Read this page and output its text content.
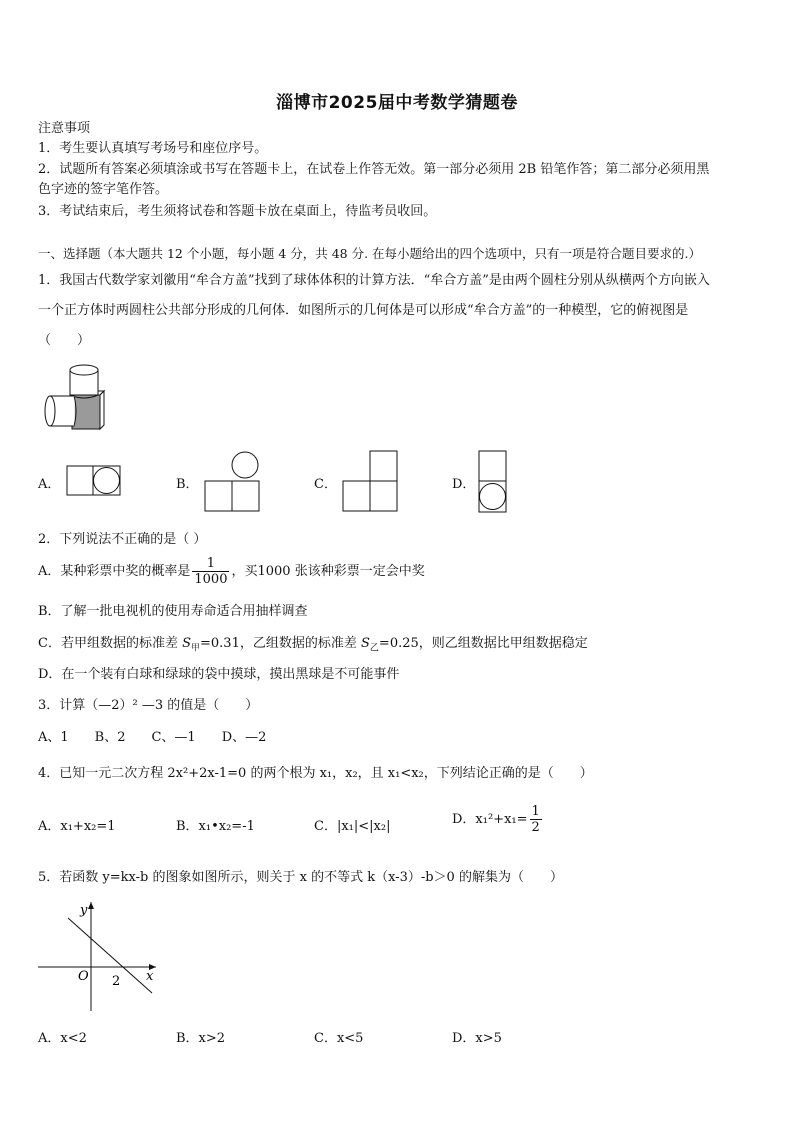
淄博市2025届中考数学猜题卷
注意事项
1．考生要认真填写考场号和座位序号。
2．试题所有答案必须填涂或书写在答题卡上，在试卷上作答无效。第一部分必须用 2B 铅笔作答；第二部分必须用黑
色字迹的签字笔作答。
3．考试结束后，考生须将试卷和答题卡放在桌面上，待监考员收回。
一、选择题（本大题共 12 个小题，每小题 4 分，共 48 分. 在每小题给出的四个选项中，只有一项是符合题目要求的.）
1．我国古代数学家刘徽用“牟合方盖”找到了球体体积的计算方法．“牟合方盖”是由两个圆柱分别从纵横两个方向嵌入
一个正方体时两圆柱公共部分形成的几何体．如图所示的几何体是可以形成“牟合方盖”的一种模型，它的俯视图是
（　　）
A．	B．	C．	D．
2．下列说法不正确的是（ ）
A．某种彩票中奖的概率是 $\frac{1}{1000}$ ，买1000 张该种彩票一定会中奖
B．了解一批电视机的使用寿命适合用抽样调查
C．若甲组数据的标准差 $S_甲=0.31$，乙组数据的标准差 $S_乙=0.25$，则乙组数据比甲组数据稳定
D．在一个装有白球和绿球的袋中摸球，摸出黑球是不可能事件
3．计算（—2）² —3 的值是（　　）
A、1　　B、2　　C、—1　　D、—2
4．已知一元二次方程 2x²+2x-1=0 的两个根为 x₁，x₂，且 x₁<x₂，下列结论正确的是（　　）
A．x₁+x₂=1	B．x₁•x₂=-1	C．|x₁|<|x₂|	D．$x_1^2+x_1= \frac{1}{2}$
5．若函数 y=kx-b 的图象如图所示，则关于 x 的不等式 k（x-3）-b＞0 的解集为（　　）
y
x
O 2
A．x<2	B．x>2	C．x<5	D．x>5
